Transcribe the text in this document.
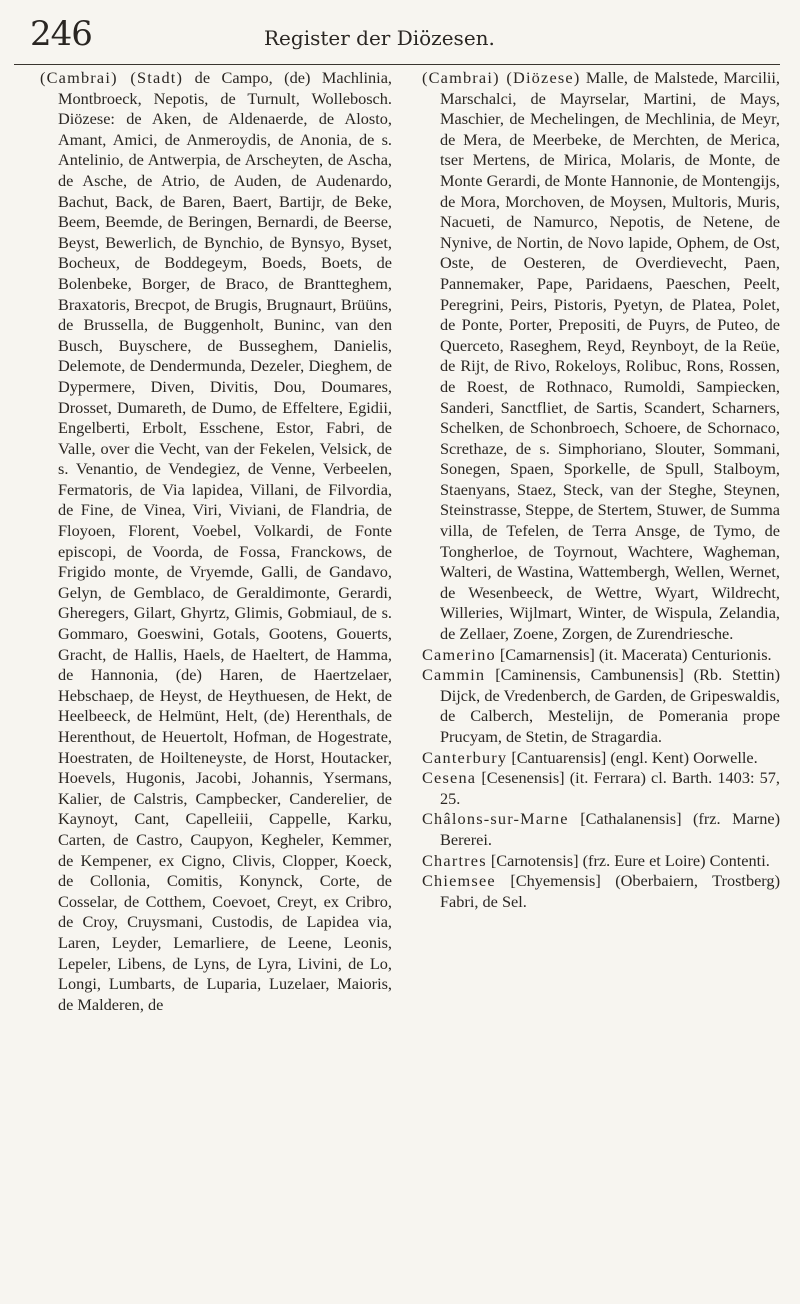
246	Register der Diözesen.

(Cambrai) (Stadt) de Campo, (de) Machlinia, Montbroeck, Nepotis, de Turnult, Wollebosch. Diözese: de Aken, de Aldenaerde, de Alosto, Amant, Amici, de Anmeroydis, de Anonia, de s. Antelinio, de Antwerpia, de Arscheyten, de Ascha, de Asche, de Atrio, de Auden, de Audenardo, Bachut, Back, de Baren, Baert, Bartijr, de Beke, Beem, Beemde, de Beringen, Bernardi, de Beerse, Beyst, Bewerlich, de Bynchio, de Bynsyo, Byset, Bocheux, de Boddegeym, Boeds, Boets, de Bolenbeke, Borger, de Braco, de Brantteghem, Braxatoris, Brecpot, de Brugis, Brugnaurt, Brüüns, de Brussella, de Buggenholt, Buninc, van den Busch, Buyschere, de Busseghem, Danielis, Delemote, de Dendermunda, Dezeler, Dieghem, de Dypermere, Diven, Divitis, Dou, Doumares, Drosset, Dumareth, de Dumo, de Effeltere, Egidii, Engelberti, Erbolt, Esschene, Estor, Fabri, de Valle, over die Vecht, van der Fekelen, Velsick, de s. Venantio, de Vendegiez, de Venne, Verbeelen, Fermatoris, de Via lapidea, Villani, de Filvordia, de Fine, de Vinea, Viri, Viviani, de Flandria, de Floyoen, Florent, Voebel, Volkardi, de Fonte episcopi, de Voorda, de Fossa, Franckows, de Frigido monte, de Vryemde, Galli, de Gandavo, Gelyn, de Gemblaco, de Geraldimonte, Gerardi, Gheregers, Gilart, Ghyrtz, Glimis, Gobmiaul, de s. Gommaro, Goeswini, Gotals, Gootens, Gouerts, Gracht, de Hallis, Haels, de Haeltert, de Hamma, de Hannonia, (de) Haren, de Haertzelaer, Hebschaep, de Heyst, de Heythuesen, de Hekt, de Heelbeeck, de Helmünt, Helt, (de) Herenthals, de Herenthout, de Heuertolt, Hofman, de Hogestrate, Hoestraten, de Hoilteneyste, de Horst, Houtacker, Hoevels, Hugonis, Jacobi, Johannis, Ysermans, Kalier, de Calstris, Campbecker, Canderelier, de Kaynoyt, Cant, Capelleiii, Cappelle, Karku, Carten, de Castro, Caupyon, Kegheler, Kemmer, de Kempener, ex Cigno, Clivis, Clopper, Koeck, de Collonia, Comitis, Konynck, Corte, de Cosselar, de Cotthem, Coevoet, Creyt, ex Cribro, de Croy, Cruysmani, Custodis, de Lapidea via, Laren, Leyder, Lemarliere, de Leene, Leonis, Lepeler, Libens, de Lyns, de Lyra, Livini, de Lo, Longi, Lumbarts, de Luparia, Luzelaer, Maioris, de Malderen, de

(Cambrai) (Diözese) Malle, de Malstede, Marcilii, Marschalci, de Mayrselar, Martini, de Mays, Maschier, de Mechelingen, de Mechlinia, de Meyr, de Mera, de Meerbeke, de Merchten, de Merica, tser Mertens, de Mirica, Molaris, de Monte, de Monte Gerardi, de Monte Hannonie, de Montengijs, de Mora, Morchoven, de Moysen, Multoris, Muris, Nacueti, de Namurco, Nepotis, de Netene, de Nynive, de Nortin, de Novo lapide, Ophem, de Ost, Oste, de Oesteren, de Overdievecht, Paen, Pannemaker, Pape, Paridaens, Paeschen, Peelt, Peregrini, Peirs, Pistoris, Pyetyn, de Platea, Polet, de Ponte, Porter, Prepositi, de Puyrs, de Puteo, de Querceto, Raseghem, Reyd, Reynboyt, de la Reüe, de Rijt, de Rivo, Rokeloys, Rolibuc, Rons, Rossen, de Roest, de Rothnaco, Rumoldi, Sampiecken, Sanderi, Sanctfliet, de Sartis, Scandert, Scharners, Schelken, de Schonbroech, Schoere, de Schornaco, Screthaze, de s. Simphoriano, Slouter, Sommani, Sonegen, Spaen, Sporkelle, de Spull, Stalboym, Staenyans, Staez, Steck, van der Steghe, Steynen, Steinstrasse, Steppe, de Stertem, Stuwer, de Summa villa, de Tefelen, de Terra Ansge, de Tymo, de Tongherloe, de Toyrnout, Wachtere, Wagheman, Walteri, de Wastina, Wattembergh, Wellen, Wernet, de Wesenbeeck, de Wettre, Wyart, Wildrecht, Willeries, Wijlmart, Winter, de Wispula, Zelandia, de Zellaer, Zoene, Zorgen, de Zurendriesche.

Camerino [Camarnensis] (it. Macerata) Centurionis.

Cammin [Caminensis, Cambunensis] (Rb. Stettin) Dijck, de Vredenberch, de Garden, de Gripeswaldis, de Calberch, Mestelijn, de Pomerania prope Prucyam, de Stetin, de Stragardia.

Canterbury [Cantuarensis] (engl. Kent) Oorwelle.

Cesena [Cesenensis] (it. Ferrara) cl. Barth. 1403: 57, 25.

Châlons-sur-Marne [Cathalanensis] (frz. Marne) Bererei.

Chartres [Carnotensis] (frz. Eure et Loire) Contenti.

Chiemsee [Chyemensis] (Oberbaiern, Trostberg) Fabri, de Sel.
